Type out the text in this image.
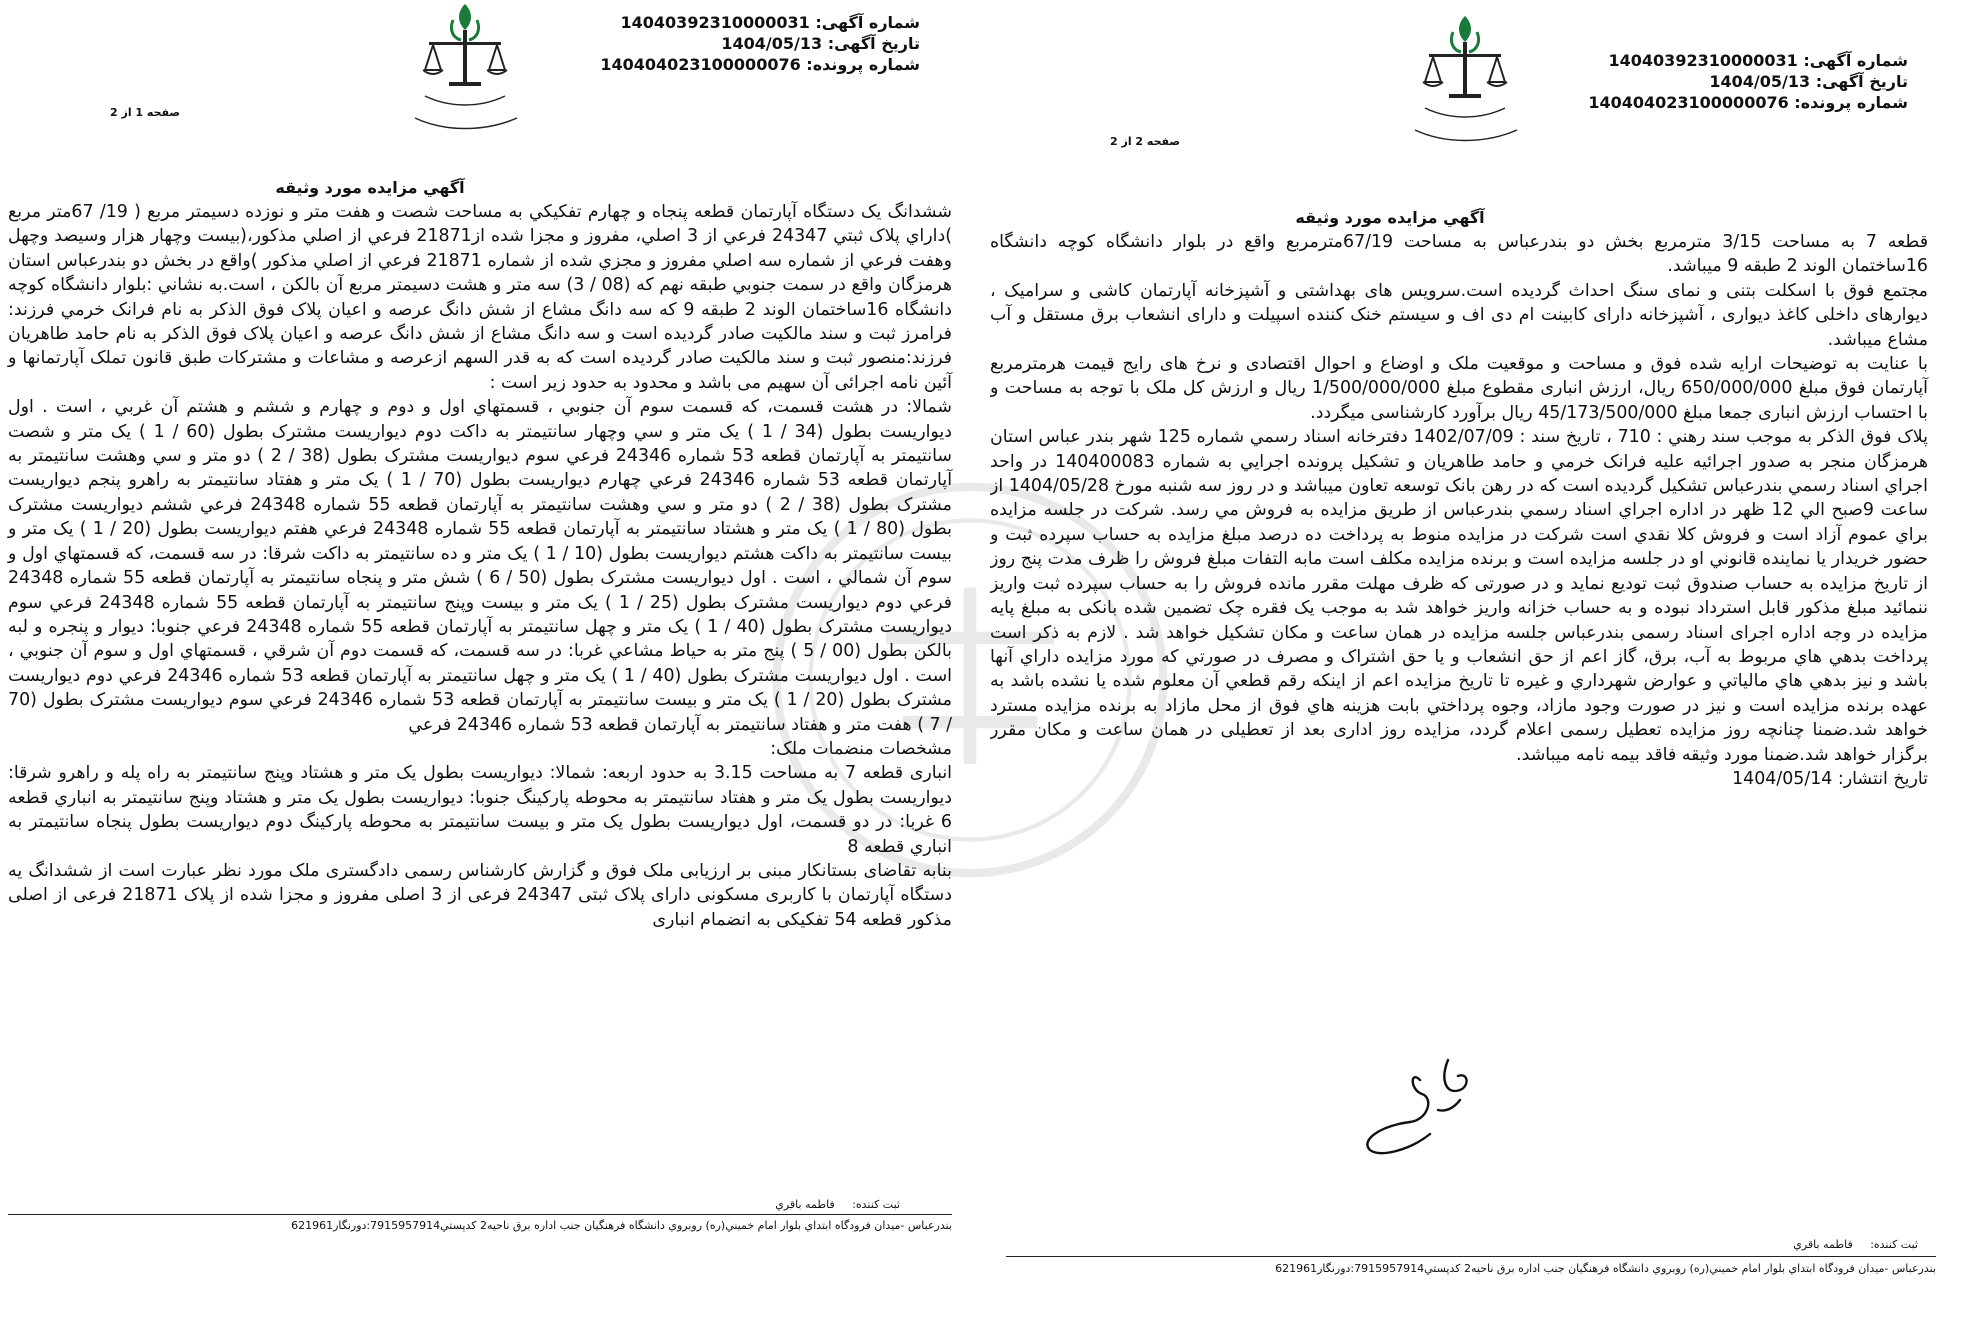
شماره آگهی: 14040392310000031
تاریخ آگهی: 1404/05/13
شماره پرونده: 140404023100000076
صفحه 1 از 2
آگهي مزايده مورد وثيقه

ششدانگ يک دستگاه آپارتمان قطعه پنجاه و چهارم تفکيکي به مساحت شصت و هفت متر و نوزده دسيمتر مربع ( 19/ 67متر مربع )داراي پلاک ثبتي 24347 فرعي از 3 اصلي، مفروز و مجزا شده از21871 فرعي از اصلي مذکور،(بيست وچهار هزار وسيصد وچهل وهفت فرعي از شماره سه اصلي مفروز و مجزي شده از شماره 21871 فرعي از اصلي مذکور )واقع در بخش دو بندرعباس استان هرمزگان واقع در سمت جنوبي طبقه نهم که (08 / 3) سه متر و هشت دسيمتر مربع آن بالکن ، است.به نشاني :بلوار دانشگاه کوچه دانشگاه 16ساختمان الوند 2 طبقه 9 که سه دانگ مشاع از شش دانگ عرصه و اعيان پلاک فوق الذکر به نام فرانک خرمي فرزند: فرامرز ثبت و سند مالکيت صادر گرديده است و سه دانگ مشاع از شش دانگ عرصه و اعيان پلاک فوق الذکر به نام حامد طاهريان فرزند:منصور ثبت و سند مالکيت صادر گرديده است که به قدر السهم ازعرصه و مشاعات و مشترکات طبق قانون تملک آپارتمانها و آئين نامه اجرائی آن سهيم می باشد و محدود به حدود زير است :

شمالا: در هشت قسمت، که قسمت سوم آن جنوبي ، قسمتهاي اول و دوم و چهارم و ششم و هشتم آن غربي ، است . اول ديواريست بطول (34 / 1 ) يک متر و سي وچهار سانتيمتر به داکت دوم ديواريست مشترک بطول (60 / 1 ) يک متر و شصت سانتيمتر به آپارتمان قطعه 53 شماره 24346 فرعي سوم ديواريست مشترک بطول (38 / 2 ) دو متر و سي وهشت سانتيمتر به آپارتمان قطعه 53 شماره 24346 فرعي چهارم ديواريست بطول (70 / 1 ) يک متر و هفتاد سانتيمتر به راهرو پنجم ديواريست مشترک بطول (38 / 2 ) دو متر و سي وهشت سانتيمتر به آپارتمان قطعه 55 شماره 24348 فرعي ششم ديواريست مشترک بطول (80 / 1 ) يک متر و هشتاد سانتيمتر به آپارتمان قطعه 55 شماره 24348 فرعي هفتم ديواريست بطول (20 / 1 ) يک متر و بيست سانتيمتر به داکت هشتم ديواريست بطول (10 / 1 ) يک متر و ده سانتيمتر به داکت شرقا: در سه قسمت، که قسمتهاي اول و سوم آن شمالي ، است . اول ديواريست مشترک بطول (50 / 6 ) شش متر و پنجاه سانتيمتر به آپارتمان قطعه 55 شماره 24348 فرعي دوم ديواريست مشترک بطول (25 / 1 ) يک متر و بيست وپنج سانتيمتر به آپارتمان قطعه 55 شماره 24348 فرعي سوم ديواريست مشترک بطول (40 / 1 ) يک متر و چهل سانتيمتر به آپارتمان قطعه 55 شماره 24348 فرعي جنوبا: ديوار و پنجره و لبه بالکن بطول (00 / 5 ) پنج متر به حياط مشاعي غربا: در سه قسمت، که قسمت دوم آن شرقي ، قسمتهاي اول و سوم آن جنوبي ، است . اول ديواريست مشترک بطول (40 / 1 ) يک متر و چهل سانتيمتر به آپارتمان قطعه 53 شماره 24346 فرعي دوم ديواريست مشترک بطول (20 / 1 ) يک متر و بيست سانتيمتر به آپارتمان قطعه 53 شماره 24346 فرعي سوم ديواريست مشترک بطول (70 / 7 ) هفت متر و هفتاد سانتيمتر به آپارتمان قطعه 53 شماره 24346 فرعي

مشخصات منضمات ملک:

انباری قطعه 7 به مساحت 3.15 به حدود اربعه: شمالا: ديواريست بطول يک متر و هشتاد وپنج سانتيمتر به راه پله و راهرو شرقا: ديواريست بطول يک متر و هفتاد سانتيمتر به محوطه پارکينگ جنوبا: ديواريست بطول يک متر و هشتاد وپنج سانتيمتر به انباري قطعه 6 غربا: در دو قسمت، اول ديواريست بطول يک متر و بيست سانتيمتر به محوطه پارکينگ دوم ديواريست بطول پنجاه سانتيمتر به انباري قطعه 8

بنابه تقاضای بستانکار مبنی بر ارزیابی ملک فوق و گزارش کارشناس رسمی دادگستری ملک مورد نظر عبارت است از ششدانگ یه دستگاه آپارتمان با کاربری مسکونی دارای پلاک ثبتی 24347 فرعی از 3 اصلی مفروز و مجزا شده از پلاک 21871 فرعی از اصلی مذکور قطعه 54 تفکیکی به انضمام انباری

ثبت کننده:     فاطمه باقري
بندرعباس -ميدان فرودگاه ابتداي بلوار امام خميني(ره) روبروي دانشگاه فرهنگيان جنب اداره برق ناحيه2 کدپستي7915957914:دورنگار621961
شماره آگهی: 14040392310000031
تاریخ آگهی: 1404/05/13
شماره پرونده: 140404023100000076
صفحه 2 از 2
آگهي مزايده مورد وثيقه

قطعه 7 به مساحت 3/15 مترمربع بخش دو بندرعباس به مساحت 67/19مترمربع واقع در بلوار دانشگاه کوچه دانشگاه 16ساختمان الوند 2 طبقه 9 میباشد.

مجتمع فوق با اسکلت بتنی و نمای سنگ احداث گردیده است.سرویس های بهداشتی و آشپزخانه آپارتمان کاشی و سرامیک ، دیوارهای داخلی کاغذ دیواری ، آشپزخانه دارای کابینت ام دی اف و سیستم خنک کننده اسپیلت و دارای انشعاب برق مستقل و آب مشاع میباشد.

با عنایت به توضیحات ارایه شده فوق و مساحت و موقعیت ملک و اوضاع و احوال اقتصادی و نرخ های رایج قیمت هرمترمربع آپارتمان فوق مبلغ 650/000/000 ریال، ارزش انباری مقطوع مبلغ 1/500/000/000 ریال و ارزش کل ملک با توجه به مساحت و با احتساب ارزش انباری جمعا مبلغ 45/173/500/000 ریال برآورد کارشناسی میگردد.

پلاک فوق الذکر به موجب سند رهني : 710 ، تاريخ سند : 1402/07/09 دفترخانه اسناد رسمي شماره 125 شهر بندر عباس استان هرمزگان منجر به صدور اجرائيه عليه فرانک خرمي و حامد طاهريان و تشکيل پرونده اجرايي به شماره 140400083 در واحد اجراي اسناد رسمي بندرعباس تشکيل گرديده است که در رهن بانک توسعه تعاون ميباشد و در روز سه شنبه مورخ 1404/05/28 از ساعت 9صبح الي 12 ظهر در اداره اجراي اسناد رسمي بندرعباس از طريق مزايده به فروش مي رسد. شرکت در جلسه مزايده براي عموم آزاد است و فروش کلا نقدي است شرکت در مزايده منوط به پرداخت ده درصد مبلغ مزايده به حساب سپرده ثبت و حضور خريدار يا نماينده قانوني او در جلسه مزايده است و برنده مزايده مکلف است مابه التفات مبلغ فروش را ظرف مدت پنج روز از تاريخ مزايده به حساب صندوق ثبت توديع نمايد و در صورتی که ظرف مهلت مقرر مانده فروش را به حساب سپرده ثبت واريز ننمائيد مبلغ مذکور قابل استرداد نبوده و به حساب خزانه واريز خواهد شد به موجب يک فقره چک تضمين شده بانکی به مبلغ پايه مزايده در وجه اداره اجرای اسناد رسمی بندرعباس جلسه مزايده در همان ساعت و مکان تشکيل خواهد شد . لازم به ذکر است پرداخت بدهي هاي مربوط به آب، برق، گاز اعم از حق انشعاب و يا حق اشتراک و مصرف در صورتي که مورد مزايده داراي آنها باشد و نيز بدهي هاي مالياتي و عوارض شهرداري و غيره تا تاريخ مزايده اعم از اينکه رقم قطعي آن معلوم شده يا نشده باشد به عهده برنده مزايده است و نيز در صورت وجود مازاد، وجوه پرداختي بابت هزينه هاي فوق از محل مازاد به برنده مزايده مسترد خواهد شد.ضمنا چنانچه روز مزايده تعطيل رسمی اعلام گردد، مزايده روز اداری بعد از تعطيلی در همان ساعت و مکان مقرر برگزار خواهد شد.ضمنا مورد وثيقه فاقد بيمه نامه ميباشد.

تاریخ انتشار: 1404/05/14

ثبت کننده:     فاطمه باقري
بندرعباس -ميدان فرودگاه ابتداي بلوار امام خميني(ره) روبروي دانشگاه فرهنگيان جنب اداره برق ناحيه2 کدپستي7915957914:دورنگار621961
